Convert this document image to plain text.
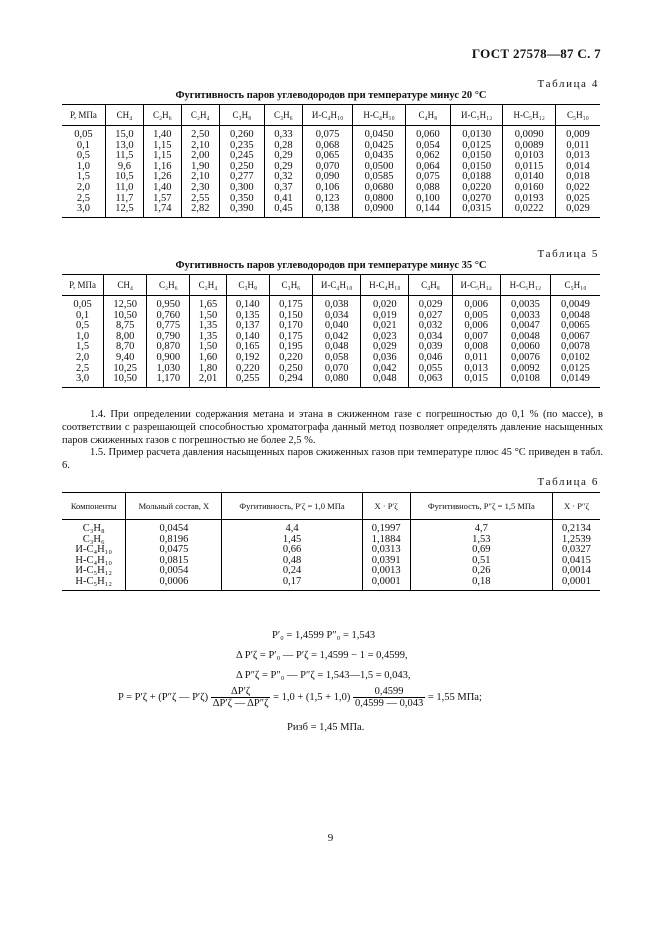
ГОСТ 27578—87 С. 7
Таблица 4
Фугитивность паров углеводородов при температуре минус 20 °С
Р, МПа	СН₄	С₂Н₆	С₂Н₄	С₃Н₈	С₃Н₆	И-С₄Н₁₀	Н-С₄Н₁₀	С₄Н₈	И-С₅Н₁₂	Н-С₅Н₁₂	С₅Н₁₀
0,05	15,0	1,40	2,50	0,260	0,33	0,075	0,0450	0,060	0,0130	0,0090	0,009
0,1	13,0	1,15	2,10	0,235	0,28	0,068	0,0425	0,054	0,0125	0,0089	0,011
0,5	11,5	1,15	2,00	0,245	0,29	0,065	0,0435	0,062	0,0150	0,0103	0,013
1,0	9,6	1,16	1,90	0,250	0,29	0,070	0,0500	0,064	0,0150	0,0115	0,014
1,5	10,5	1,26	2,10	0,277	0,32	0,090	0,0585	0,075	0,0188	0,0140	0,018
2,0	11,0	1,40	2,30	0,300	0,37	0,106	0,0680	0,088	0,0220	0,0160	0,022
2,5	11,7	1,57	2,55	0,350	0,41	0,123	0,0800	0,100	0,0270	0,0193	0,025
3,0	12,5	1,74	2,82	0,390	0,45	0,138	0,0900	0,144	0,0315	0,0222	0,029
Таблица 5
Фугитивность паров углеводородов при температуре минус 35 °С
Р, МПа	СН₄	С₂Н₆	С₂Н₄	С₃Н₈	С₃Н₆	И-С₄Н₁₀	Н-С₄Н₁₀	С₄Н₈	И-С₅Н₁₂	Н-С₅Н₁₂	С₅Н₁₀
0,05	12,50	0,950	1,65	0,140	0,175	0,038	0,020	0,029	0,006	0,0035	0,0049
0,1	10,50	0,760	1,50	0,135	0,150	0,034	0,019	0,027	0,005	0,0033	0,0048
0,5	8,75	0,775	1,35	0,137	0,170	0,040	0,021	0,032	0,006	0,0047	0,0065
1,0	8,00	0,790	1,35	0,140	0,175	0,042	0,023	0,034	0,007	0,0048	0,0067
1,5	8,70	0,870	1,50	0,165	0,195	0,048	0,029	0,039	0,008	0,0060	0,0078
2,0	9,40	0,900	1,60	0,192	0,220	0,058	0,036	0,046	0,011	0,0076	0,0102
2,5	10,25	1,030	1,80	0,220	0,250	0,070	0,042	0,055	0,013	0,0092	0,0125
3,0	10,50	1,170	2,01	0,255	0,294	0,080	0,048	0,063	0,015	0,0108	0,0149
1.4. При определении содержания метана и этана в сжиженном газе с погрешностью до 0,1 % (по массе), в соответствии с разрешающей способностью хроматографа данный метод позволяет определять давление насыщенных паров сжиженных газов с погрешностью не более 2,5 %.
1.5. Пример расчета давления насыщенных паров сжиженных газов при температуре плюс 45 °С приведен в табл. 6.
Таблица 6
Компоненты	Мольный состав, X	Фугитивность, P′ζ = 1,0 МПа	X · P′ζ	Фугитивность, P″ζ = 1,5 МПа	X · P″ζ
С₃Н₈	0,0454	4,4	0,1997	4,7	0,2134
С₃Н₆	0,8196	1,45	1,1884	1,53	1,2539
И-С₄Н₁₀	0,0475	0,66	0,0313	0,69	0,0327
Н-С₄Н₁₀	0,0815	0,48	0,0391	0,51	0,0415
И-С₅Н₁₂	0,0054	0,24	0,0013	0,26	0,0014
Н-С₅Н₁₂	0,0006	0,17	0,0001	0,18	0,0001
P′₀ = 1,4599 P″₀ = 1,543
Δ P′ζ = P′₀ — P′ζ = 1,4599 − 1 = 0,4599,
Δ P″ζ = P″₀ — P″ζ = 1,543—1,5 = 0,043,
P = P′ζ + (P″ζ — $P'\zeta) \frac{\Delta P'\zeta}{\Delta P'\zeta — \Delta P''\zeta} = 1,0 + (1,5 + 1,0) \frac{0,4599}{0,4599 — 0,043} = 1,55$ МПа;
Pизб = 1,45 МПа.
9
